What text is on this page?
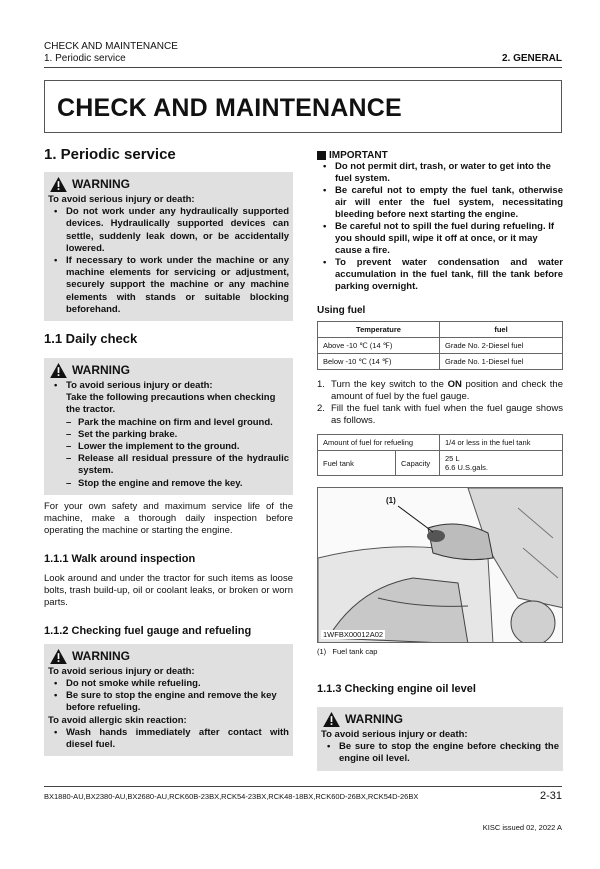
CHECK AND MAINTENANCE
1. Periodic service	2. GENERAL
CHECK AND MAINTENANCE
1. Periodic service
WARNING
To avoid serious injury or death:
• Do not work under any hydraulically supported devices. Hydraulically supported devices can settle, suddenly leak down, or be accidentally lowered.
• If necessary to work under the machine or any machine elements for servicing or adjustment, securely support the machine or any machine elements with stands or suitable blocking beforehand.
1.1 Daily check
WARNING
• To avoid serious injury or death:
Take the following precautions when checking the tractor.
– Park the machine on firm and level ground.
– Set the parking brake.
– Lower the implement to the ground.
– Release all residual pressure of the hydraulic system.
– Stop the engine and remove the key.

For your own safety and maximum service life of the machine, make a thorough daily inspection before operating the machine or starting the engine.

1.1.1 Walk around inspection

Look around and under the tractor for such items as loose bolts, trash build-up, oil or coolant leaks, or broken or worn parts.

1.1.2 Checking fuel gauge and refueling
WARNING
To avoid serious injury or death:
• Do not smoke while refueling.
• Be sure to stop the engine and remove the key before refueling.
To avoid allergic skin reaction:
• Wash hands immediately after contact with diesel fuel.
IMPORTANT
• Do not permit dirt, trash, or water to get into the fuel system.
• Be careful not to empty the fuel tank, otherwise air will enter the fuel system, necessitating bleeding before next starting the engine.
• Be careful not to spill the fuel during refueling. If you should spill, wipe it off at once, or it may cause a fire.
• To prevent water condensation and water accumulation in the fuel tank, fill the tank before parking overnight.
Using fuel
Temperature	fuel
Above -10 ℃ (14 ℉)	Grade No. 2-Diesel fuel
Below -10 ℃ (14 ℉)	Grade No. 1-Diesel fuel
1. Turn the key switch to the ON position and check the amount of fuel by the fuel gauge.
2. Fill the fuel tank with fuel when the fuel gauge shows as follows.
Amount of fuel for refueling		1/4 or less in the fuel tank
Fuel tank	Capacity	25 L
6.6 U.S.gals.
(1)
1WFBX00012A02
(1)   Fuel tank cap
1.1.3 Checking engine oil level
WARNING
To avoid serious injury or death:
• Be sure to stop the engine before checking the engine oil level.
BX1880-AU,BX2380-AU,BX2680-AU,RCK60B-23BX,RCK54-23BX,RCK48-18BX,RCK60D-26BX,RCK54D-26BX	2-31
KISC issued 02, 2022 A
